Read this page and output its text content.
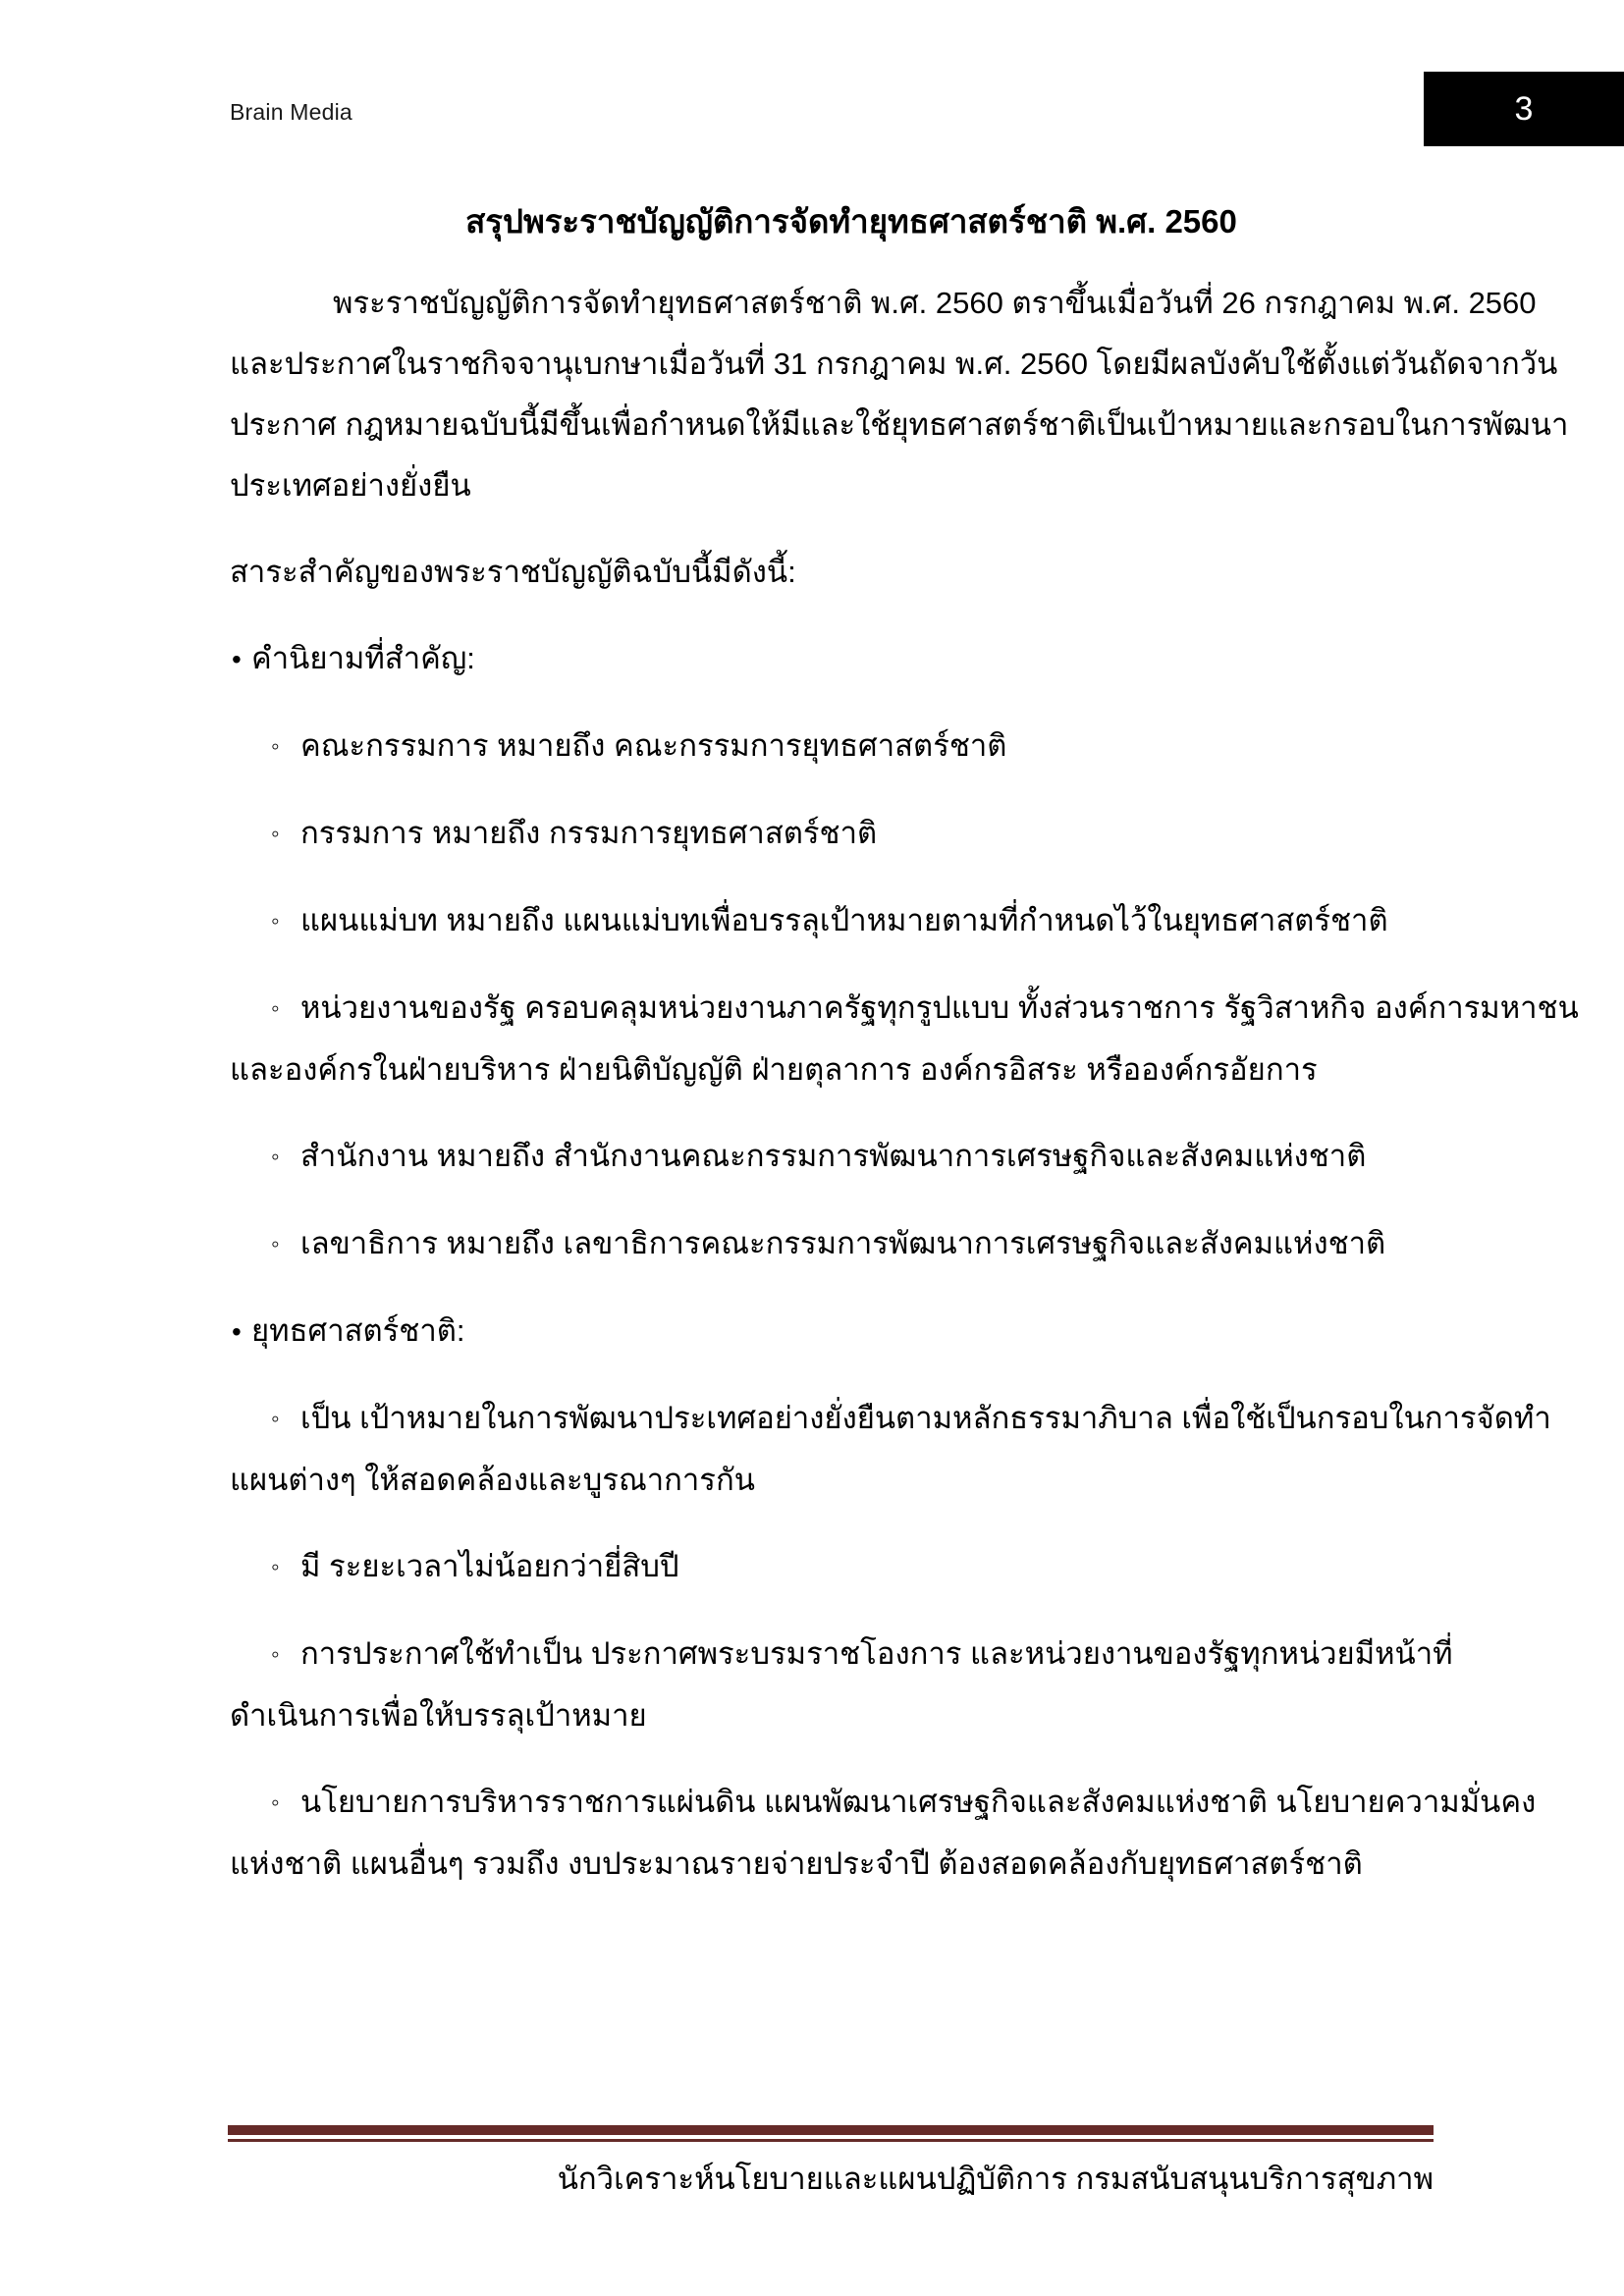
Brain Media	3
สรุปพระราชบัญญัติการจัดทำยุทธศาสตร์ชาติ พ.ศ. 2560
พระราชบัญญัติการจัดทำยุทธศาสตร์ชาติ พ.ศ. 2560 ตราขึ้นเมื่อวันที่ 26 กรกฎาคม พ.ศ. 2560
และประกาศในราชกิจจานุเบกษาเมื่อวันที่ 31 กรกฎาคม พ.ศ. 2560 โดยมีผลบังคับใช้ตั้งแต่วันถัดจากวัน
ประกาศ กฎหมายฉบับนี้มีขึ้นเพื่อกำหนดให้มีและใช้ยุทธศาสตร์ชาติเป็นเป้าหมายและกรอบในการพัฒนา
ประเทศอย่างยั่งยืน
สาระสำคัญของพระราชบัญญัติฉบับนี้มีดังนี้:
• คำนิยามที่สำคัญ:
◦ คณะกรรมการ หมายถึง คณะกรรมการยุทธศาสตร์ชาติ
◦ กรรมการ หมายถึง กรรมการยุทธศาสตร์ชาติ
◦ แผนแม่บท หมายถึง แผนแม่บทเพื่อบรรลุเป้าหมายตามที่กำหนดไว้ในยุทธศาสตร์ชาติ
◦ หน่วยงานของรัฐ ครอบคลุมหน่วยงานภาครัฐทุกรูปแบบ ทั้งส่วนราชการ รัฐวิสาหกิจ องค์การมหาชน
และองค์กรในฝ่ายบริหาร ฝ่ายนิติบัญญัติ ฝ่ายตุลาการ องค์กรอิสระ หรือองค์กรอัยการ
◦ สำนักงาน หมายถึง สำนักงานคณะกรรมการพัฒนาการเศรษฐกิจและสังคมแห่งชาติ
◦ เลขาธิการ หมายถึง เลขาธิการคณะกรรมการพัฒนาการเศรษฐกิจและสังคมแห่งชาติ
• ยุทธศาสตร์ชาติ:
◦ เป็น เป้าหมายในการพัฒนาประเทศอย่างยั่งยืนตามหลักธรรมาภิบาล เพื่อใช้เป็นกรอบในการจัดทำ
แผนต่างๆ ให้สอดคล้องและบูรณาการกัน
◦ มี ระยะเวลาไม่น้อยกว่ายี่สิบปี
◦ การประกาศใช้ทำเป็น ประกาศพระบรมราชโองการ และหน่วยงานของรัฐทุกหน่วยมีหน้าที่
ดำเนินการเพื่อให้บรรลุเป้าหมาย
◦ นโยบายการบริหารราชการแผ่นดิน แผนพัฒนาเศรษฐกิจและสังคมแห่งชาติ นโยบายความมั่นคง
แห่งชาติ แผนอื่นๆ รวมถึง งบประมาณรายจ่ายประจำปี ต้องสอดคล้องกับยุทธศาสตร์ชาติ
นักวิเคราะห์นโยบายและแผนปฏิบัติการ กรมสนับสนุนบริการสุขภาพ
